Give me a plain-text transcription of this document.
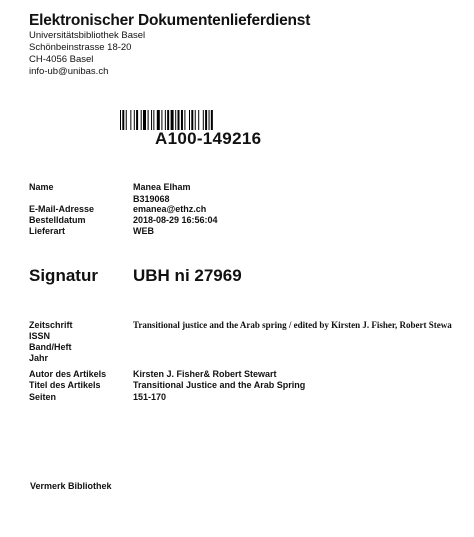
Elektronischer Dokumentenlieferdienst
Universitätsbibliothek Basel
Schönbeinstrasse 18-20
CH-4056 Basel
info-ub@unibas.ch
A100-149216
Name	Manea Elham
B319068
E-Mail-Adresse	emanea@ethz.ch
Bestelldatum	2018-08-29 16:56:04
Lieferart	WEB
Signatur UBH ni 27969
Zeitschrift	Transitional justice and the Arab spring / edited by Kirsten J. Fisher, Robert Stewa
ISSN
Band/Heft
Jahr
Autor des Artikels	Kirsten J. Fisher& Robert Stewart
Titel des Artikels	Transitional Justice and the Arab Spring
Seiten	151-170
Vermerk Bibliothek
